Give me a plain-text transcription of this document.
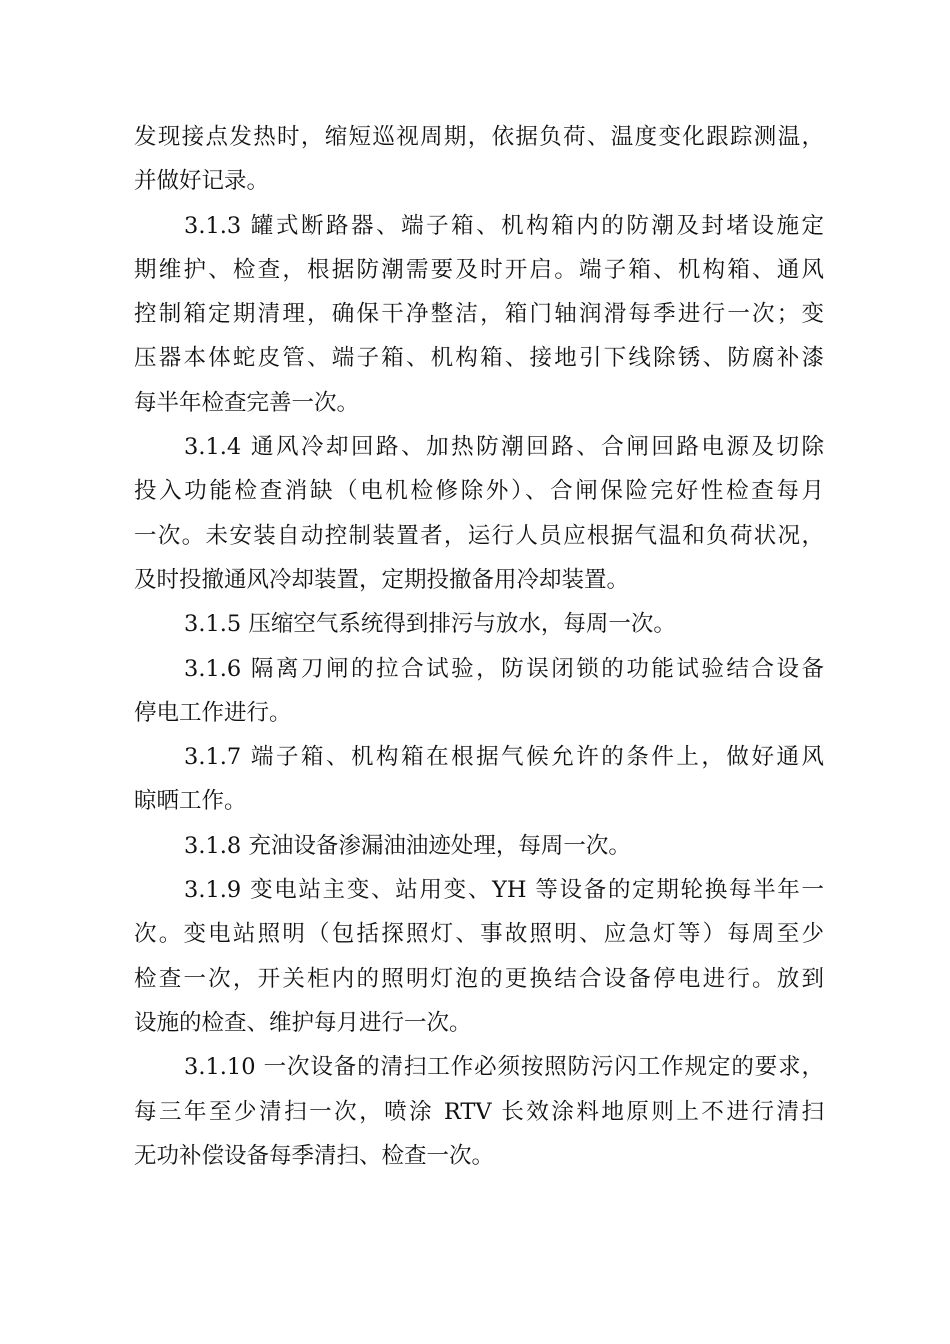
发现接点发热时，缩短巡视周期，依据负荷、温度变化跟踪测温，
并做好记录。
3.1.3 罐式断路器、端子箱、机构箱内的防潮及封堵设施定
期维护、检查，根据防潮需要及时开启。端子箱、机构箱、通风
控制箱定期清理，确保干净整洁，箱门轴润滑每季进行一次；变
压器本体蛇皮管、端子箱、机构箱、接地引下线除锈、防腐补漆
每半年检查完善一次。
3.1.4 通风冷却回路、加热防潮回路、合闸回路电源及切除
投入功能检查消缺（电机检修除外）、合闸保险完好性检查每月
一次。未安装自动控制装置者，运行人员应根据气温和负荷状况，
及时投撤通风冷却装置，定期投撤备用冷却装置。
3.1.5 压缩空气系统得到排污与放水，每周一次。
3.1.6 隔离刀闸的拉合试验，防误闭锁的功能试验结合设备
停电工作进行。
3.1.7 端子箱、机构箱在根据气候允许的条件上，做好通风
晾晒工作。
3.1.8 充油设备渗漏油油迹处理，每周一次。
3.1.9 变电站主变、站用变、YH 等设备的定期轮换每半年一
次。变电站照明（包括探照灯、事故照明、应急灯等）每周至少
检查一次，开关柜内的照明灯泡的更换结合设备停电进行。放到
设施的检查、维护每月进行一次。
3.1.10 一次设备的清扫工作必须按照防污闪工作规定的要求，
每三年至少清扫一次，喷涂 RTV 长效涂料地原则上不进行清扫
无功补偿设备每季清扫、检查一次。
